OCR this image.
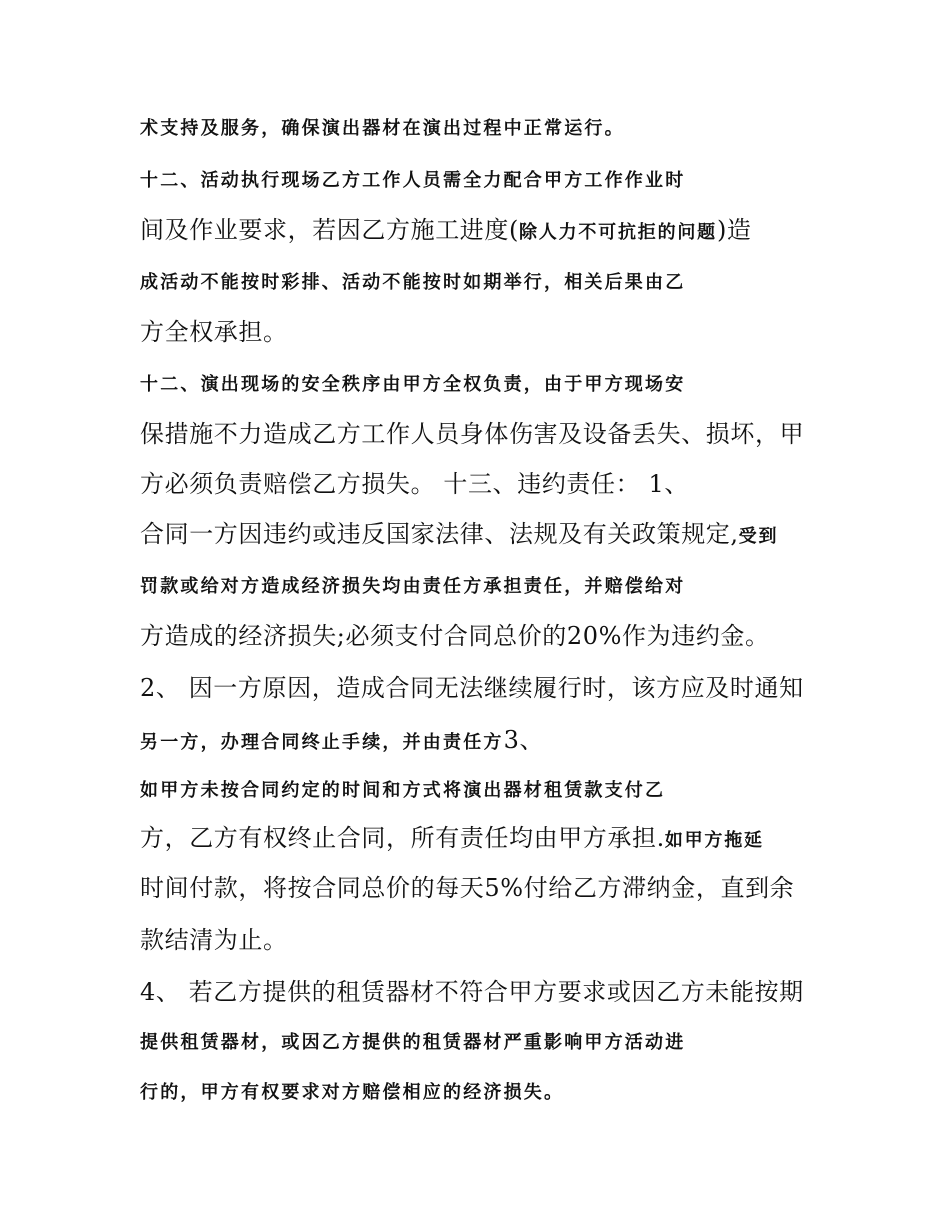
术支持及服务，确保演出器材在演出过程中正常运行。
十二、活动执行现场乙方工作人员需全力配合甲方工作作业时
间及作业要求，若因乙方施工进度(除人力不可抗拒的问题)造
成活动不能按时彩排、活动不能按时如期举行，相关后果由乙
方全权承担。
十二、演出现场的安全秩序由甲方全权负责，由于甲方现场安
保措施不力造成乙方工作人员身体伤害及设备丢失、损坏，甲
方必须负责赔偿乙方损失。 十三、违约责任： 1、
合同一方因违约或违反国家法律、法规及有关政策规定,受到
罚款或给对方造成经济损失均由责任方承担责任，并赔偿给对
方造成的经济损失;必须支付合同总价的20%作为违约金。
2、 因一方原因，造成合同无法继续履行时，该方应及时通知
另一方，办理合同终止手续，并由责任方3、
如甲方未按合同约定的时间和方式将演出器材租赁款支付乙
方，乙方有权终止合同，所有责任均由甲方承担.如甲方拖延
时间付款，将按合同总价的每天5%付给乙方滞纳金，直到余
款结清为止。
4、 若乙方提供的租赁器材不符合甲方要求或因乙方未能按期
提供租赁器材，或因乙方提供的租赁器材严重影响甲方活动进
行的，甲方有权要求对方赔偿相应的经济损失。
